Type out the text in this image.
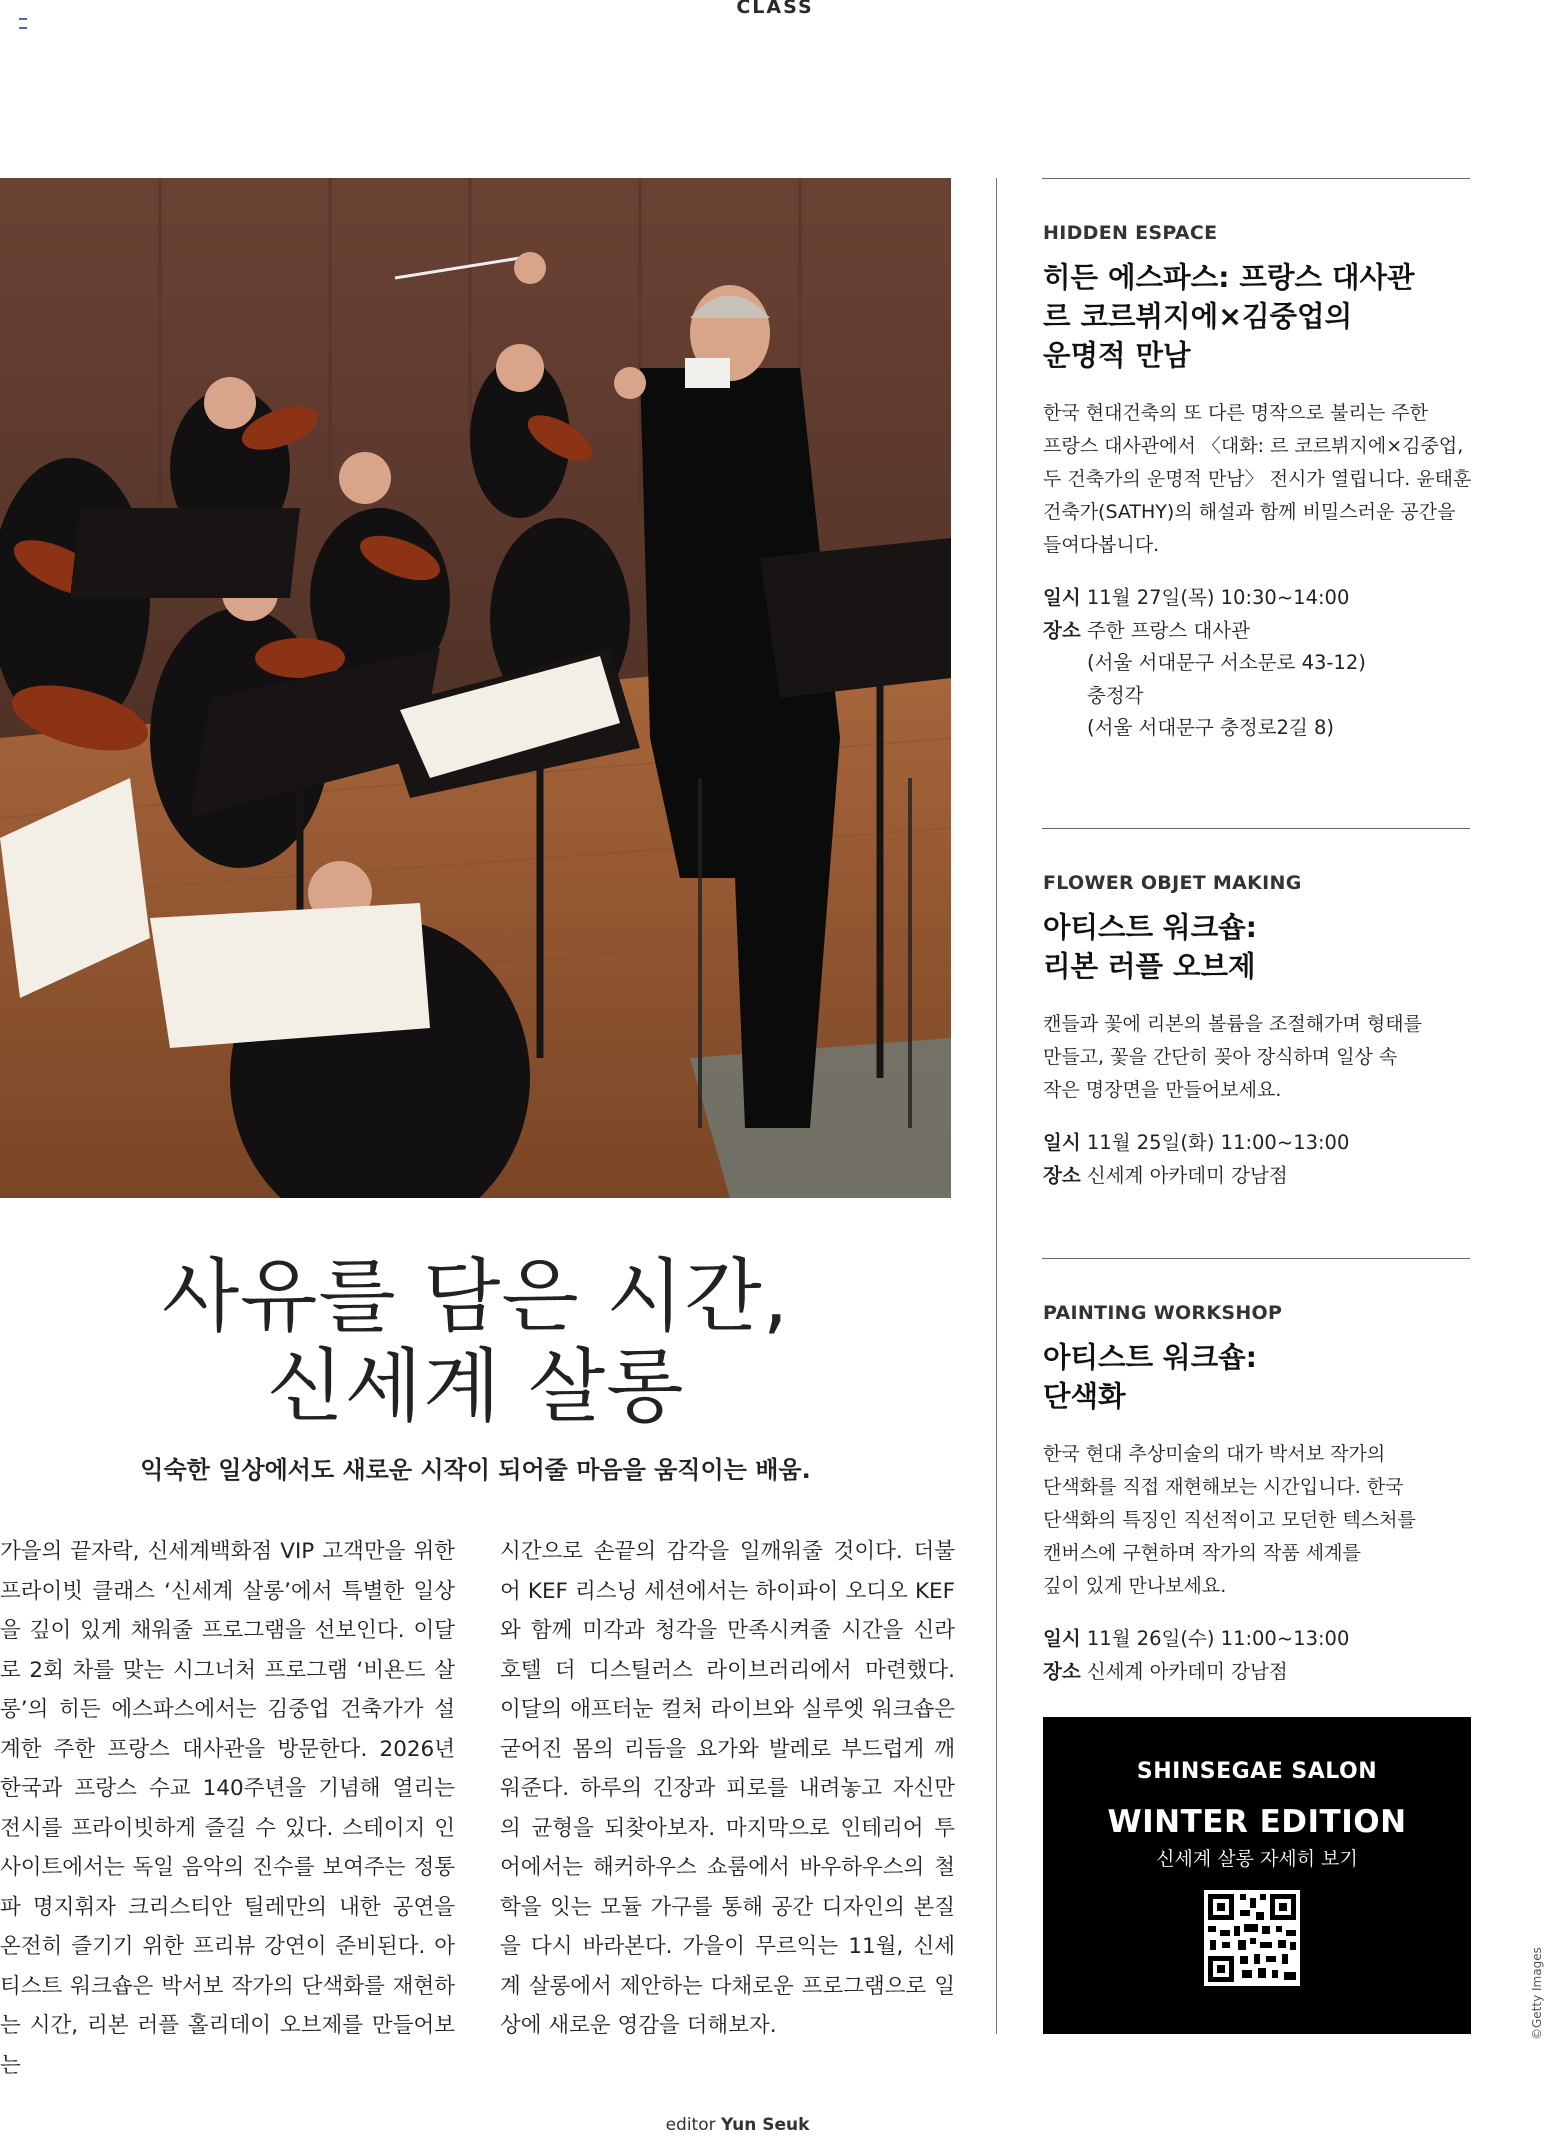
CLASS
사유를 담은 시간,
신세계 살롱
익숙한 일상에서도 새로운 시작이 되어줄 마음을 움직이는 배움.

가을의 끝자락, 신세계백화점 VIP 고객만을 위한 프라이빗 클래스 ‘신세계 살롱’에서 특별한 일상을 깊이 있게 채워줄 프로그램을 선보인다. 이달로 2회 차를 맞는 시그너처 프로그램 ‘비욘드 살롱’의 히든 에스파스에서는 김중업 건축가가 설계한 주한 프랑스 대사관을 방문한다. 2026년 한국과 프랑스 수교 140주년을 기념해 열리는 전시를 프라이빗하게 즐길 수 있다. 스테이지 인사이트에서는 독일 음악의 진수를 보여주는 정통파 명지휘자 크리스티안 틸레만의 내한 공연을 온전히 즐기기 위한 프리뷰 강연이 준비된다. 아티스트 워크숍은 박서보 작가의 단색화를 재현하는 시간, 리본 러플 홀리데이 오브제를 만들어보는

시간으로 손끝의 감각을 일깨워줄 것이다. 더불어 KEF 리스닝 세션에서는 하이파이 오디오 KEF와 함께 미각과 청각을 만족시켜줄 시간을 신라호텔 더 디스틸러스 라이브러리에서 마련했다. 이달의 애프터눈 컬처 라이브와 실루엣 워크숍은 굳어진 몸의 리듬을 요가와 발레로 부드럽게 깨워준다. 하루의 긴장과 피로를 내려놓고 자신만의 균형을 되찾아보자. 마지막으로 인테리어 투어에서는 해커하우스 쇼룸에서 바우하우스의 철학을 잇는 모듈 가구를 통해 공간 디자인의 본질을 다시 바라본다. 가을이 무르익는 11월, 신세계 살롱에서 제안하는 다채로운 프로그램으로 일상에 새로운 영감을 더해보자.

HIDDEN ESPACE
히든 에스파스: 프랑스 대사관
르 코르뷔지에×김중업의
운명적 만남

한국 현대건축의 또 다른 명작으로 불리는 주한
프랑스 대사관에서 〈대화: 르 코르뷔지에×김중업,
두 건축가의 운명적 만남〉 전시가 열립니다. 윤태훈
건축가(SATHY)의 해설과 함께 비밀스러운 공간을
들여다봅니다.

일시 11월 27일(목) 10:30~14:00
장소 주한 프랑스 대사관
(서울 서대문구 서소문로 43-12)
충정각
(서울 서대문구 충정로2길 8)
FLOWER OBJET MAKING
아티스트 워크숍:
리본 러플 오브제

캔들과 꽃에 리본의 볼륨을 조절해가며 형태를
만들고, 꽃을 간단히 꽂아 장식하며 일상 속
작은 명장면을 만들어보세요.

일시 11월 25일(화) 11:00~13:00
장소 신세계 아카데미 강남점
PAINTING WORKSHOP
아티스트 워크숍:
단색화

한국 현대 추상미술의 대가 박서보 작가의
단색화를 직접 재현해보는 시간입니다. 한국
단색화의 특징인 직선적이고 모던한 텍스처를
캔버스에 구현하며 작가의 작품 세계를
깊이 있게 만나보세요.

일시 11월 26일(수) 11:00~13:00
장소 신세계 아카데미 강남점
SHINSEGAE SALON
WINTER EDITION
신세계 살롱 자세히 보기
©Getty Images
editor Yun Seuk
